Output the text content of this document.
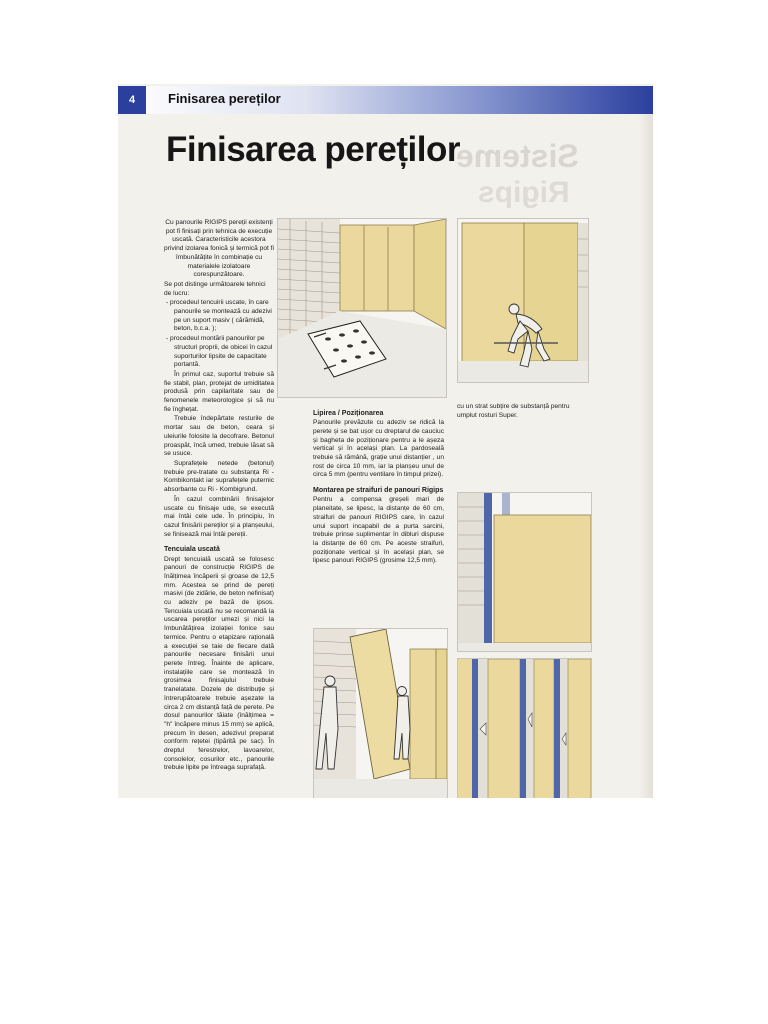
4	Finisarea pereților
Sisteme
Rigips
Finisarea pereților

Cu panourile RIGIPS pereții existenți pot fi finisați prin tehnica de execuție uscată. Caracteristicile acestora privind izolarea fonică și termică pot fi îmbunătățite în combinație cu materialele izolatoare corespunzătoare.

Se pot distinge următoarele tehnici de lucru:

- procedeul tencuirii uscate, în care panourile se montează cu adezivi pe un suport masiv ( cărămidă, beton, b.c.a. );

- procedeul montării panourilor pe structuri proprii, de obicei în cazul suporturilor lipsite de capacitate portantă.

În primul caz, suportul trebuie să fie stabil, plan, protejat de umiditatea produsă prin capilaritate sau de fenomenele meteorologice și să nu fie înghețat.

Trebuie îndepărtate resturile de mortar sau de beton, ceara și uleiurile folosite la decofrare. Betonul proaspăt, încă umed, trebuie lăsat să se usuce.

Suprafețele netede (betonul) trebuie pre-tratate cu substanța Ri - Kombikontakt iar suprafețele puternic absorbante cu Ri - Kombigrund.

În cazul combinării finisajelor uscate cu finisaje ude, se execută mai întâi cele ude. În principiu, în cazul finisării pereților și a planșeului, se finisează mai întâi pereții.

Tencuiala uscată

Drept tencuială uscată se folosesc panouri de construcție RIGIPS de înălțimea încăperii și groase de 12,5 mm. Acestea se prind de pereți masivi (de zidărie, de beton nefinisat) cu adeziv pe bază de ipsos. Tencuiala uscată nu se recomandă la uscarea pereților umezi și nici la îmbunătățirea izolației fonice sau termice. Pentru o etapizare rațională a execuției se taie de fiecare dată panourile necesare finisării unui perete întreg. Înainte de aplicare, instalațiile care se montează în grosimea finisajului trebuie tranelatate. Dozele de distribuție și întrerupătoarele trebuie așezate la circa 2 cm distanță față de perete. Pe dosul panourilor tăiate (înălțimea = "h" încăpere minus 15 mm) se aplică, precum în desen, adezivul preparat conform rețetei (tipărită pe sac). În dreptul ferestrelor, lavoarelor, consolelor, cosurilor etc., panourile trebuie lipite pe întreaga suprafață.

Lipirea / Poziționarea

Panourile prevăzute cu adeziv se ridică la perete și se bat ușor cu dreptarul de cauciuc și bagheta de poziționare pentru a le așeza vertical și în același plan. La pardoseală trebuie să rămână, grație unui distanțier , un rost de circa 10 mm, iar la planșeu unul de circa 5 mm (pentru ventilare în timpul prizei).

Montarea pe straifuri de panouri Rigips

Pentru a compensa greșeli mari de planeitate, se lipesc, la distanțe de 60 cm, straifuri de panouri RIGIPS care, în cazul unui suport incapabil de a purta sarcini, trebuie prinse suplimentar în dibluri dispuse la distanțe de 60 cm. Pe aceste straifuri, poziționate vertical și în același plan, se lipesc panouri RIGIPS (grosime 12,5 mm).

cu un strat subțire de substanță pentru umplut rosturi Super.
